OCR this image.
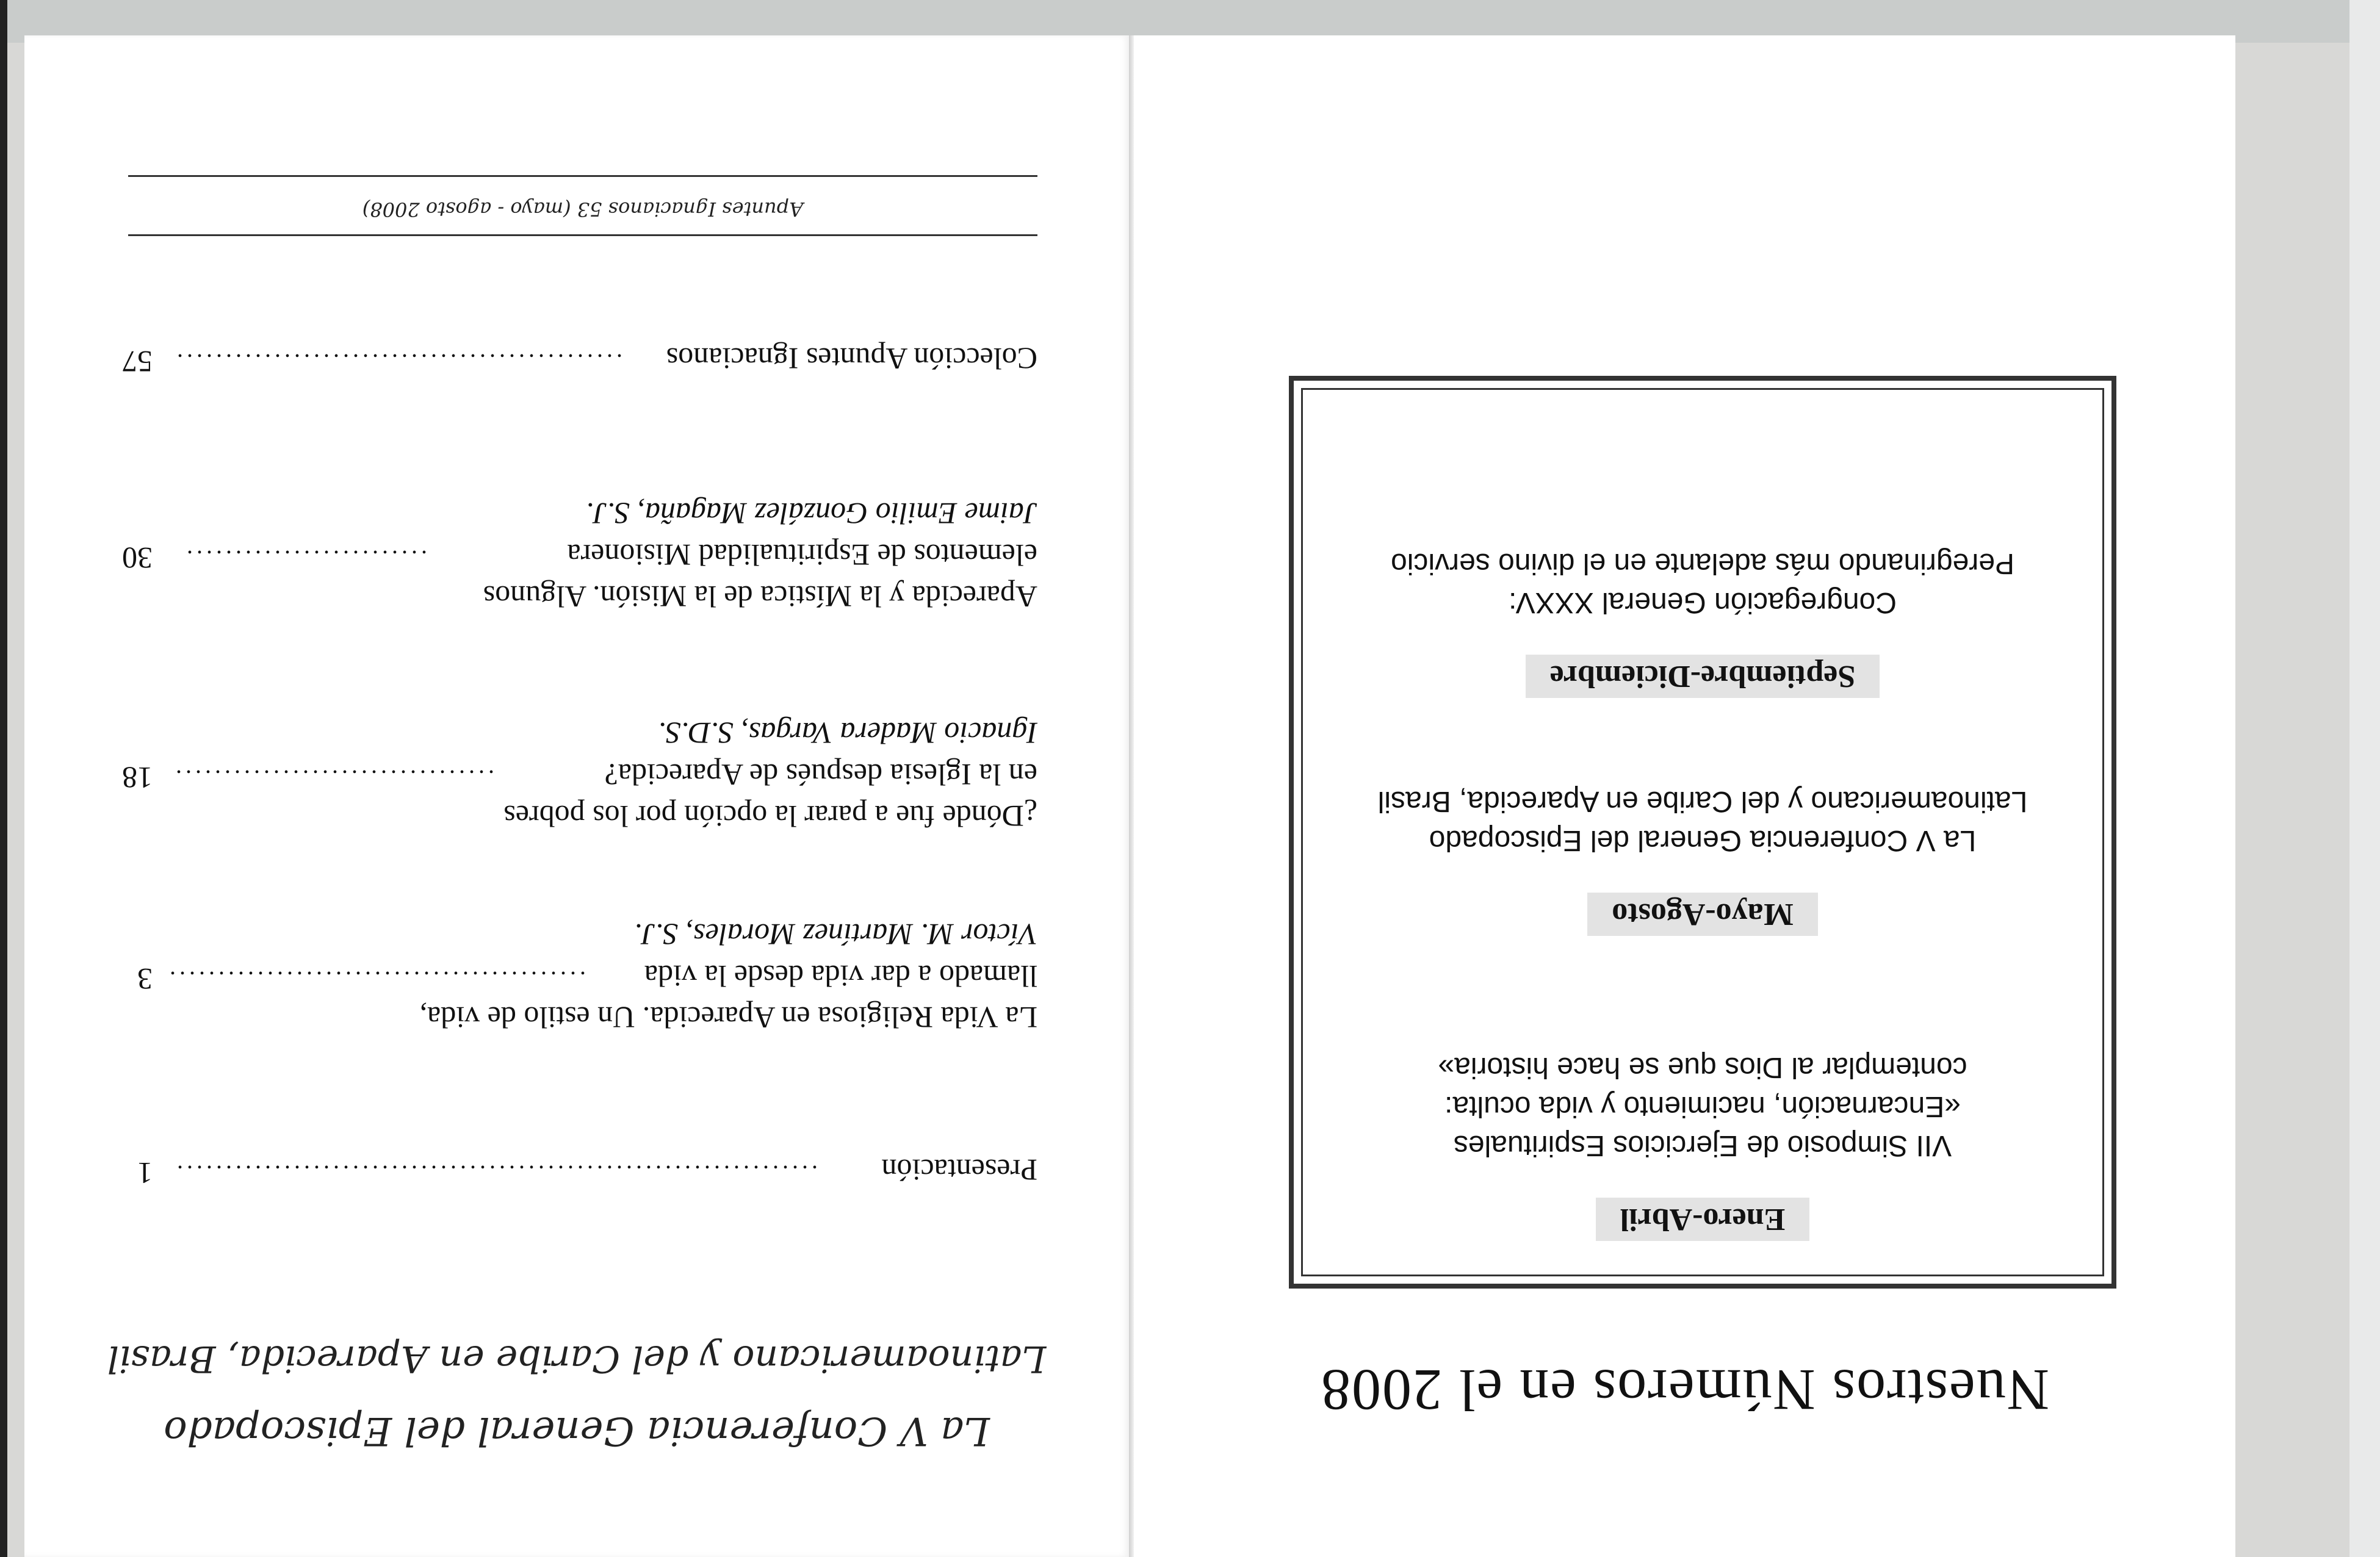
La V Conferencia General del Episcopado
Latinoamericano y del Caribe en Aparecida, Brasil
Presentación
..................................................................
1
La Vida Religiosa en Aparecida. Un estilo de vida,
llamado a dar vida desde la vida
Víctor M. Martínez Morales, S.J.
...........................................
3
¿Dónde fue a parar la opción por los pobres
en la Iglesia después de Aparecida?
Ignacio Madera Vargas, S.D.S.
.................................
18
Aparecida y la Mística de la Misión. Algunos
elementos de Espiritualidad Misionera
Jaime Emilio González Magaña, S.J.
.........................
30
Colección Apuntes Ignacianos
..............................................
57
Apuntes Ignacianos 53 (mayo - agosto 2008)
Nuestros Números en el 2008
Enero-Abril
VII Simposio de Ejercicios Espirituales
«Encarnación, nacimiento y vida oculta:
contemplar al Dios que se hace historia»
Mayo-Agosto
La V Conferencia General del Episcopado
Latinoamericano y del Caribe en Aparecida, Brasil
Septiembre-Diciembre
Congregación General XXXV:
Peregrinando más adelante en el divino servicio
